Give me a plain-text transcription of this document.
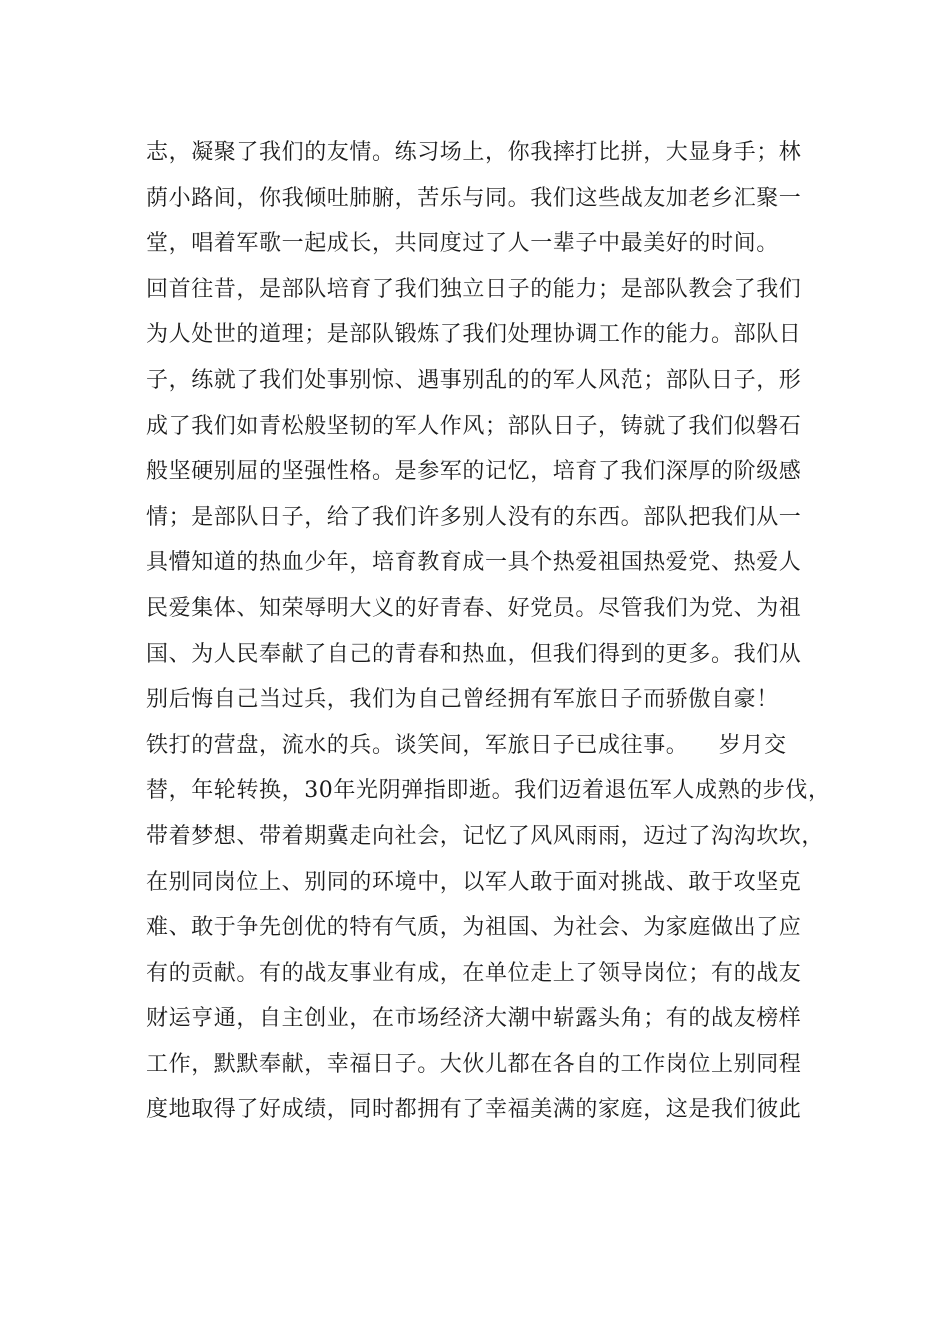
志，凝聚了我们的友情。练习场上，你我摔打比拼，大显身手；林
荫小路间，你我倾吐肺腑，苦乐与同。我们这些战友加老乡汇聚一
堂，唱着军歌一起成长，共同度过了人一辈子中最美好的时间。
回首往昔，是部队培育了我们独立日子的能力；是部队教会了我们
为人处世的道理；是部队锻炼了我们处理协调工作的能力。部队日
子，练就了我们处事别惊、遇事别乱的的军人风范；部队日子，形
成了我们如青松般坚韧的军人作风；部队日子，铸就了我们似磐石
般坚硬别屈的坚强性格。是参军的记忆，培育了我们深厚的阶级感
情；是部队日子，给了我们许多别人没有的东西。部队把我们从一
具懵知道的热血少年，培育教育成一具个热爱祖国热爱党、热爱人
民爱集体、知荣辱明大义的好青春、好党员。尽管我们为党、为祖
国、为人民奉献了自己的青春和热血，但我们得到的更多。我们从
别后悔自己当过兵，我们为自己曾经拥有军旅日子而骄傲自豪！
铁打的营盘，流水的兵。谈笑间，军旅日子已成往事。    岁月交
替，年轮转换，30年光阴弹指即逝。我们迈着退伍军人成熟的步伐，
带着梦想、带着期冀走向社会，记忆了风风雨雨，迈过了沟沟坎坎，
在别同岗位上、别同的环境中，以军人敢于面对挑战、敢于攻坚克
难、敢于争先创优的特有气质，为祖国、为社会、为家庭做出了应
有的贡献。有的战友事业有成，在单位走上了领导岗位；有的战友
财运亨通，自主创业，在市场经济大潮中崭露头角；有的战友榜样
工作，默默奉献，幸福日子。大伙儿都在各自的工作岗位上别同程
度地取得了好成绩，同时都拥有了幸福美满的家庭，这是我们彼此
